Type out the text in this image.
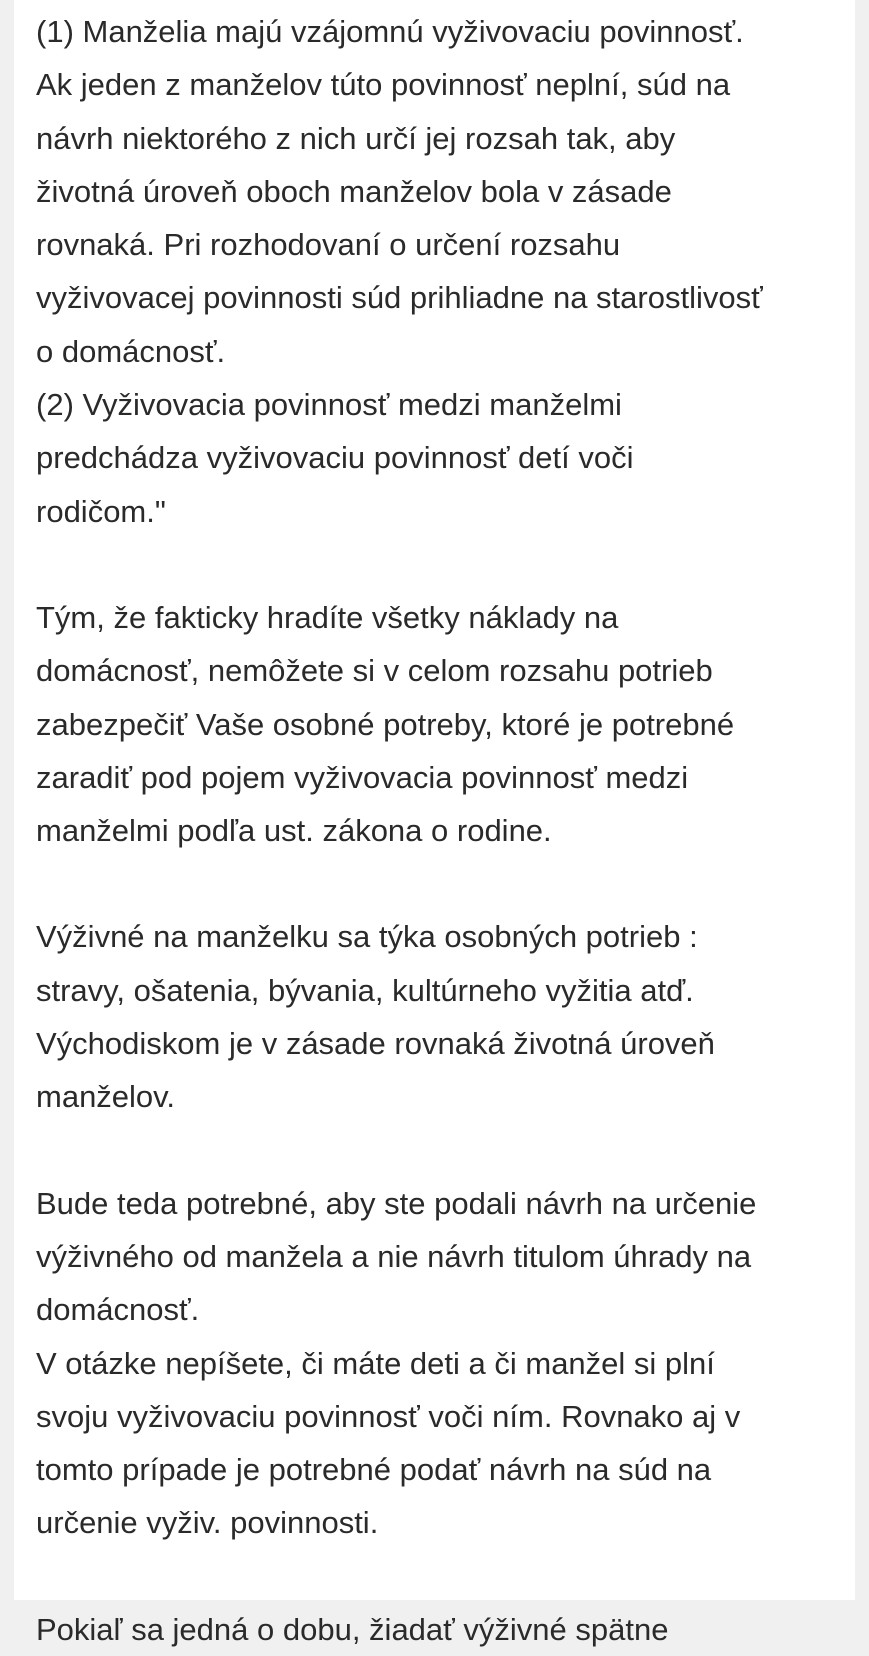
(1) Manželia majú vzájomnú vyživovaciu povinnosť.
Ak jeden z manželov túto povinnosť neplní, súd na
návrh niektorého z nich určí jej rozsah tak, aby
životná úroveň oboch manželov bola v zásade
rovnaká. Pri rozhodovaní o určení rozsahu
vyživovacej povinnosti súd prihliadne na starostlivosť
o domácnosť.
(2) Vyživovacia povinnosť medzi manželmi
predchádza vyživovaciu povinnosť detí voči
rodičom."

Tým, že fakticky hradíte všetky náklady na
domácnosť, nemôžete si v celom rozsahu potrieb
zabezpečiť Vaše osobné potreby, ktoré je potrebné
zaradiť pod pojem vyživovacia povinnosť medzi
manželmi podľa ust. zákona o rodine.

Výživné na manželku sa týka osobných potrieb :
stravy, ošatenia, bývania, kultúrneho vyžitia atď.
Východiskom je v zásade rovnaká životná úroveň
manželov.

Bude teda potrebné, aby ste podali návrh na určenie
výživného od manžela a nie návrh titulom úhrady na
domácnosť.
V otázke nepíšete, či máte deti a či manžel si plní
svoju vyživovaciu povinnosť voči ním. Rovnako aj v
tomto prípade je potrebné podať návrh na súd na
určenie vyživ. povinnosti.

Pokiaľ sa jedná o dobu, žiadať výživné spätne
